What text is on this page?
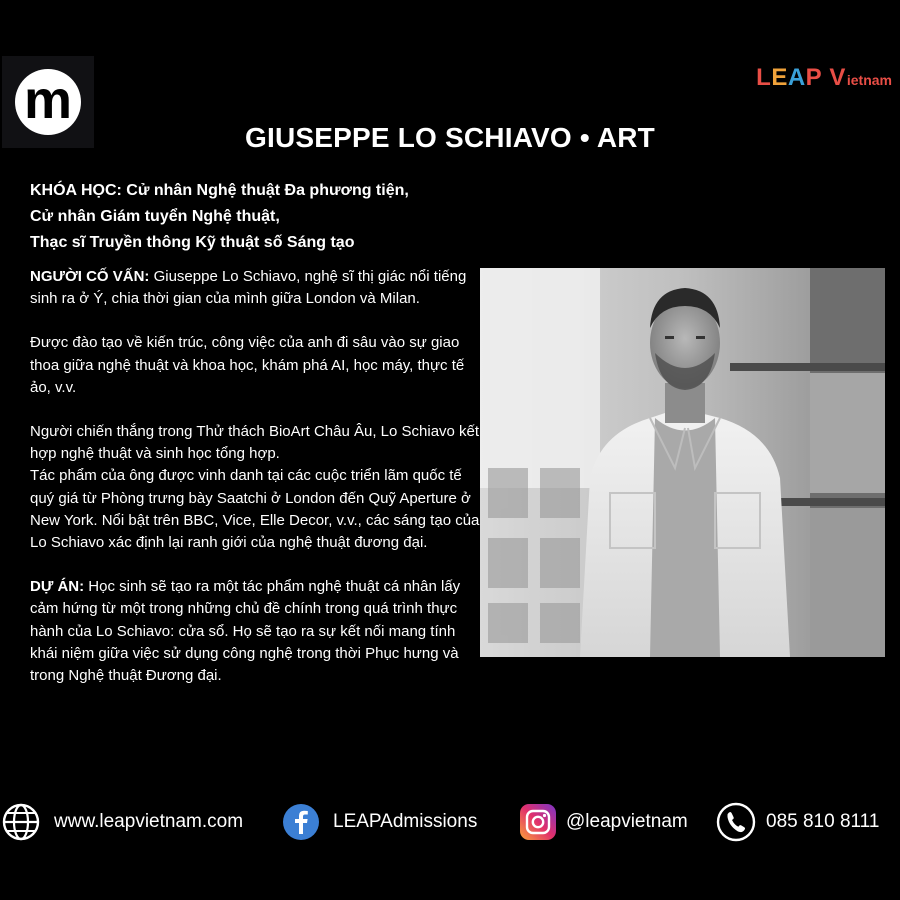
m	L E A P
V ietnam
GIUSEPPE LO SCHIAVO • ART
KHÓA HỌC: Cử nhân Nghệ thuật Đa phương tiện,
Cử nhân Giám tuyển Nghệ thuật,
Thạc sĩ Truyền thông Kỹ thuật số Sáng tạo

NGƯỜI CỐ VẤN: Giuseppe Lo Schiavo, nghệ sĩ thị giác nổi tiếng sinh ra ở Ý, chia thời gian của mình giữa London và Milan.

Được đào tạo về kiến trúc, công việc của anh đi sâu vào sự giao thoa giữa nghệ thuật và khoa học, khám phá AI, học máy, thực tế ảo, v.v.

Người chiến thắng trong Thử thách BioArt Châu Âu, Lo Schiavo kết hợp nghệ thuật và sinh học tổng hợp.
Tác phẩm của ông được vinh danh tại các cuộc triển lãm quốc tế quý giá từ Phòng trưng bày Saatchi ở London đến Quỹ Aperture ở New York. Nổi bật trên BBC, Vice, Elle Decor, v.v., các sáng tạo của Lo Schiavo xác định lại ranh giới của nghệ thuật đương đại.

DỰ ÁN: Học sinh sẽ tạo ra một tác phẩm nghệ thuật cá nhân lấy cảm hứng từ một trong những chủ đề chính trong quá trình thực hành của Lo Schiavo: cửa sổ. Họ sẽ tạo ra sự kết nối mang tính khái niệm giữa việc sử dụng công nghệ trong thời Phục hưng và trong Nghệ thuật Đương đại.

www.leapvietnam.com	LEAPAdmissions	@leapvietnam	085 810 8111
